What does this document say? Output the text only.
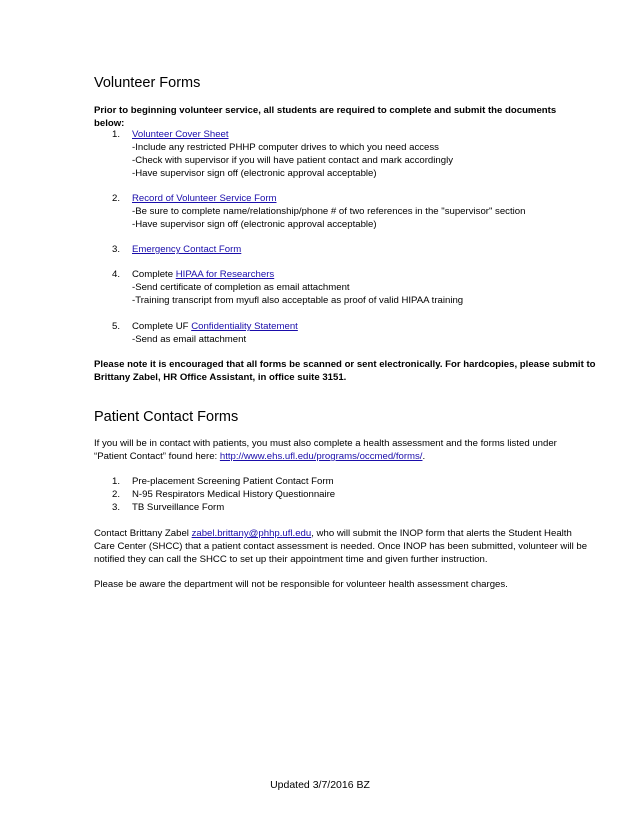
Volunteer Forms

Prior to beginning volunteer service, all students are required to complete and submit the documents below:

1.	Volunteer Cover Sheet
-Include any restricted PHHP computer drives to which you need access
-Check with supervisor if you will have patient contact and mark accordingly
-Have supervisor sign off (electronic approval acceptable)
2.	Record of Volunteer Service Form
-Be sure to complete name/relationship/phone # of two references in the "supervisor" section
-Have supervisor sign off (electronic approval acceptable)
3.	Emergency Contact Form
4.	Complete HIPAA for Researchers
-Send certificate of completion as email attachment
-Training transcript from myufl also acceptable as proof of valid HIPAA training
5.	Complete UF Confidentiality Statement
-Send as email attachment

Please note it is encouraged that all forms be scanned or sent electronically. For hardcopies, please submit to
Brittany Zabel, HR Office Assistant, in office suite 3151.

Patient Contact Forms

If you will be in contact with patients, you must also complete a health assessment and the forms listed under
“Patient Contact” found here: http://www.ehs.ufl.edu/programs/occmed/forms/.

1.	Pre-placement Screening Patient Contact Form
2.	N-95 Respirators Medical History Questionnaire
3.	TB Surveillance Form

Contact Brittany Zabel zabel.brittany@phhp.ufl.edu, who will submit the INOP form that alerts the Student Health
Care Center (SHCC) that a patient contact assessment is needed. Once INOP has been submitted, volunteer will be
notified they can call the SHCC to set up their appointment time and given further instruction.

Please be aware the department will not be responsible for volunteer health assessment charges.

Updated 3/7/2016 BZ
